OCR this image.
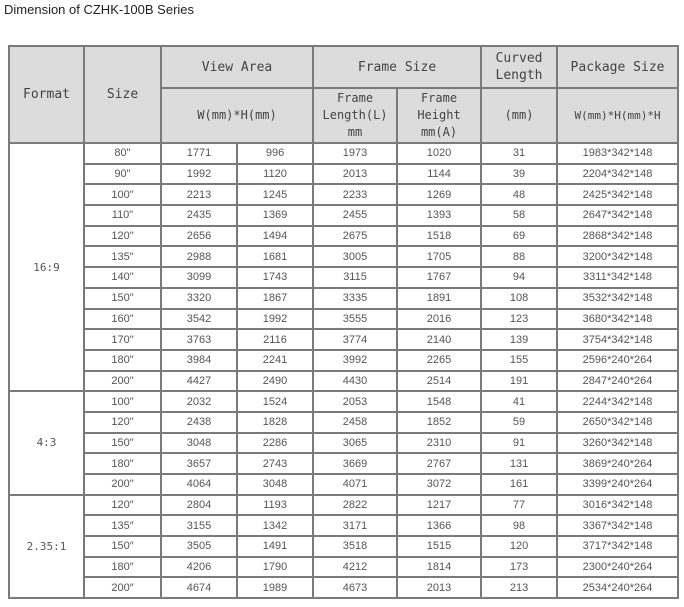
Dimension of CZHK-100B Series
Format	Size	View Area		Frame Size		Curved Length	Package Size
		W(mm)*H(mm)		Frame Length(L) mm	Frame Height mm(A)	(mm)	W(mm)*H(mm)*H
16:9	80"	1771	996	1973	1020	31	1983*342*148
	90"	1992	1120	2013	1144	39	2204*342*148
	100"	2213	1245	2233	1269	48	2425*342*148
	110"	2435	1369	2455	1393	58	2647*342*148
	120"	2656	1494	2675	1518	69	2868*342*148
	135"	2988	1681	3005	1705	88	3200*342*148
	140"	3099	1743	3115	1767	94	3311*342*148
	150"	3320	1867	3335	1891	108	3532*342*148
	160"	3542	1992	3555	2016	123	3680*342*148
	170"	3763	2116	3774	2140	139	3754*342*148
	180"	3984	2241	3992	2265	155	2596*240*264
	200"	4427	2490	4430	2514	191	2847*240*264
4:3	100"	2032	1524	2053	1548	41	2244*342*148
	120"	2438	1828	2458	1852	59	2650*342*148
	150"	3048	2286	3065	2310	91	3260*342*148
	180"	3657	2743	3669	2767	131	3869*240*264
	200"	4064	3048	4071	3072	161	3399*240*264
2.35:1	120″	2804	1193	2822	1217	77	3016*342*148
	135″	3155	1342	3171	1366	98	3367*342*148
	150″	3505	1491	3518	1515	120	3717*342*148
	180″	4206	1790	4212	1814	173	2300*240*264
	200″	4674	1989	4673	2013	213	2534*240*264
